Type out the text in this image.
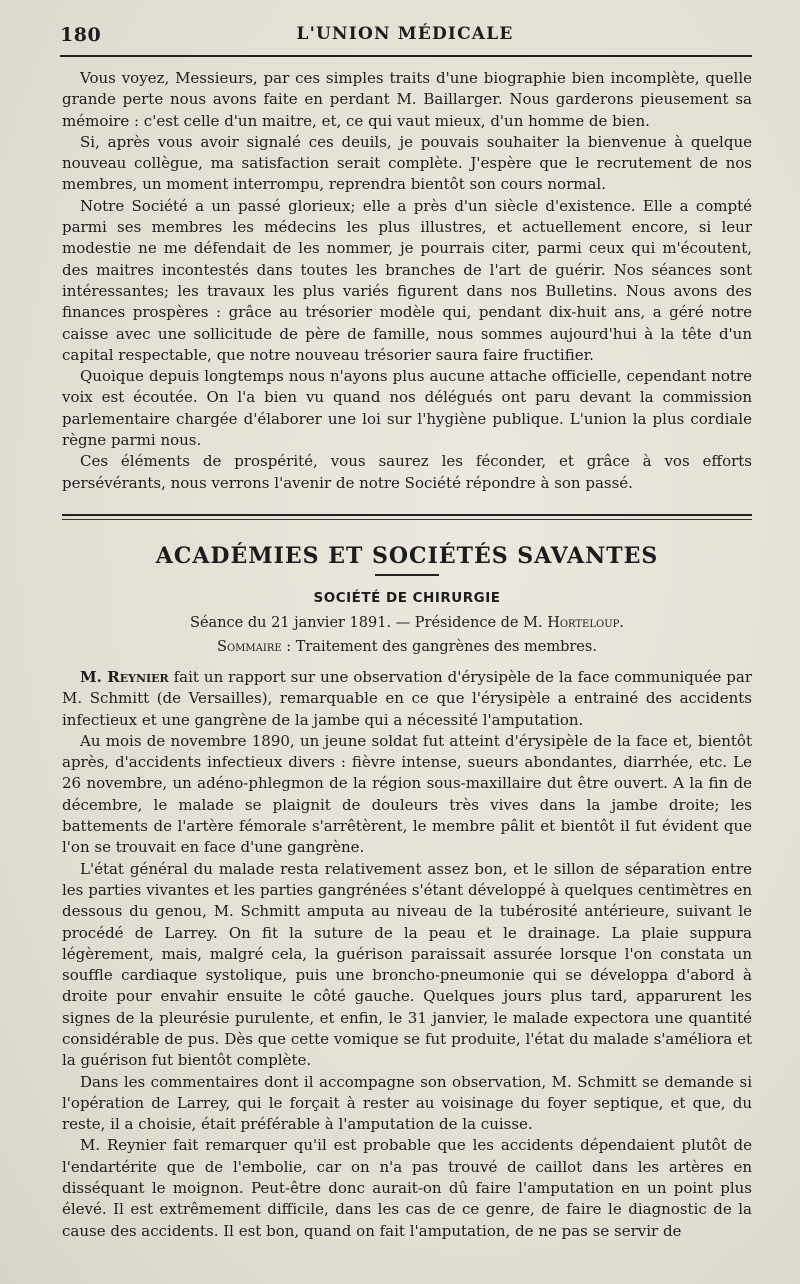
180	L'UNION MÉDICALE

Vous voyez, Messieurs, par ces simples traits d'une biographie bien incomplète, quelle grande perte nous avons faite en perdant M. Baillarger. Nous garderons pieusement sa mémoire : c'est celle d'un maitre, et, ce qui vaut mieux, d'un homme de bien.

Si, après vous avoir signalé ces deuils, je pouvais souhaiter la bienvenue à quelque nouveau collègue, ma satisfaction serait complète. J'espère que le recrutement de nos membres, un moment interrompu, reprendra bientôt son cours normal.

Notre Société a un passé glorieux; elle a près d'un siècle d'existence. Elle a compté parmi ses membres les médecins les plus illustres, et actuellement encore, si leur modestie ne me défendait de les nommer, je pourrais citer, parmi ceux qui m'écoutent, des maitres incontestés dans toutes les branches de l'art de guérir. Nos séances sont intéressantes; les travaux les plus variés figurent dans nos Bulletins. Nous avons des finances prospères : grâce au trésorier modèle qui, pendant dix-huit ans, a géré notre caisse avec une sollicitude de père de famille, nous sommes aujourd'hui à la tête d'un capital respectable, que notre nouveau trésorier saura faire fructifier.

Quoique depuis longtemps nous n'ayons plus aucune attache officielle, cependant notre voix est écoutée. On l'a bien vu quand nos délégués ont paru devant la commission parlementaire chargée d'élaborer une loi sur l'hygiène publique. L'union la plus cordiale règne parmi nous.

Ces éléments de prospérité, vous saurez les féconder, et grâce à vos efforts persévérants, nous verrons l'avenir de notre Société répondre à son passé.

ACADÉMIES ET SOCIÉTÉS SAVANTES
SOCIÉTÉ DE CHIRURGIE
Séance du 21 janvier 1891. — Présidence de M. Horteloup.
Sommaire : Traitement des gangrènes des membres.

M. Reynier fait un rapport sur une observation d'érysipèle de la face communiquée par M. Schmitt (de Versailles), remarquable en ce que l'érysipèle a entrainé des accidents infectieux et une gangrène de la jambe qui a nécessité l'amputation.

Au mois de novembre 1890, un jeune soldat fut atteint d'érysipèle de la face et, bientôt après, d'accidents infectieux divers : fièvre intense, sueurs abondantes, diarrhée, etc. Le 26 novembre, un adéno-phlegmon de la région sous-maxillaire dut être ouvert. A la fin de décembre, le malade se plaignit de douleurs très vives dans la jambe droite; les battements de l'artère fémorale s'arrêtèrent, le membre pâlit et bientôt il fut évident que l'on se trouvait en face d'une gangrène.

L'état général du malade resta relativement assez bon, et le sillon de séparation entre les parties vivantes et les parties gangrénées s'étant développé à quelques centimètres en dessous du genou, M. Schmitt amputa au niveau de la tubérosité antérieure, suivant le procédé de Larrey. On fit la suture de la peau et le drainage. La plaie suppura légèrement, mais, malgré cela, la guérison paraissait assurée lorsque l'on constata un souffle cardiaque systolique, puis une broncho-pneumonie qui se développa d'abord à droite pour envahir ensuite le côté gauche. Quelques jours plus tard, apparurent les signes de la pleurésie purulente, et enfin, le 31 janvier, le malade expectora une quantité considérable de pus. Dès que cette vomique se fut produite, l'état du malade s'améliora et la guérison fut bientôt complète.

Dans les commentaires dont il accompagne son observation, M. Schmitt se demande si l'opération de Larrey, qui le forçait à rester au voisinage du foyer septique, et que, du reste, il a choisie, était préférable à l'amputation de la cuisse.

M. Reynier fait remarquer qu'il est probable que les accidents dépendaient plutôt de l'endartérite que de l'embolie, car on n'a pas trouvé de caillot dans les artères en disséquant le moignon. Peut-être donc aurait-on dû faire l'amputation en un point plus élevé. Il est extrêmement difficile, dans les cas de ce genre, de faire le diagnostic de la cause des accidents. Il est bon, quand on fait l'amputation, de ne pas se servir de
